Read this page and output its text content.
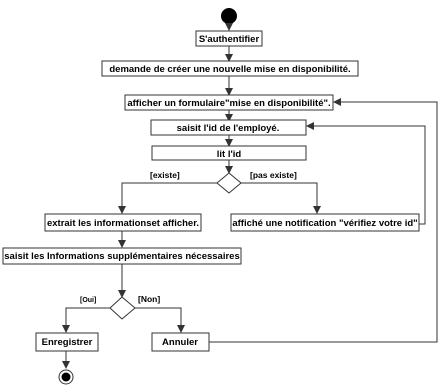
S'authentifier
demande de créer une nouvelle mise en disponibilité.
afficher un formulaire"mise en disponibilité".
saisit l'id de l'employé.
lit l'id
[existe]	[pas existe]
extrait les informationset afficher.	affiché une notification "vérifiez votre id"
saisit les Informations supplémentaires nécessaires
[Oui]	[Non]
Enregistrer	Annuler
